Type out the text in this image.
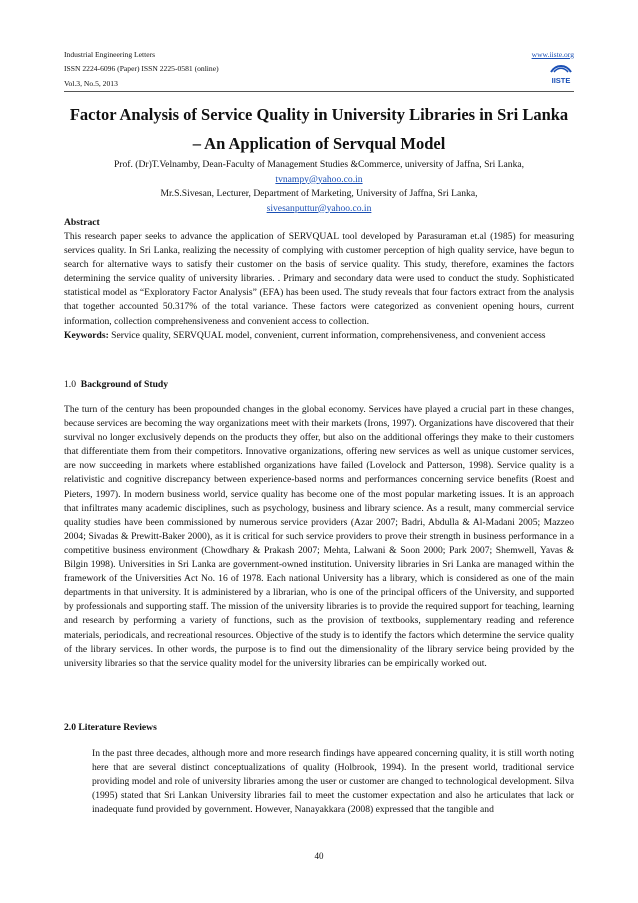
Industrial Engineering Letters
ISSN 2224-6096 (Paper) ISSN 2225-0581 (online)
Vol.3, No.5, 2013
www.iiste.org
IISTE
Factor Analysis of Service Quality in University Libraries in Sri Lanka – An Application of Servqual Model
Prof. (Dr)T.Velnamby, Dean-Faculty of Management Studies &Commerce, university of Jaffna, Sri Lanka,
tvnampy@yahoo.co.in
Mr.S.Sivesan, Lecturer, Department of Marketing, University of Jaffna, Sri Lanka,
sivesanputtur@yahoo.co.in
Abstract

This research paper seeks to advance the application of SERVQUAL tool developed by Parasuraman et.al (1985) for measuring services quality. In Sri Lanka, realizing the necessity of complying with customer perception of high quality service, have begun to search for alternative ways to satisfy their customer on the basis of service quality. This study, therefore, examines the factors determining the service quality of university libraries. . Primary and secondary data were used to conduct the study. Sophisticated statistical model as “Exploratory Factor Analysis” (EFA) has been used. The study reveals that four factors extract from the analysis that together accounted 50.317% of the total variance. These factors were categorized as convenient opening hours, current information, collection comprehensiveness and convenient access to collection.

Keywords: Service quality, SERVQUAL model, convenient, current information, comprehensiveness, and convenient access

1.0 Background of Study

The turn of the century has been propounded changes in the global economy. Services have played a crucial part in these changes, because services are becoming the way organizations meet with their markets (Irons, 1997). Organizations have discovered that their survival no longer exclusively depends on the products they offer, but also on the additional offerings they make to their customers that differentiate them from their competitors. Innovative organizations, offering new services as well as unique customer services, are now succeeding in markets where established organizations have failed (Lovelock and Patterson, 1998). Service quality is a relativistic and cognitive discrepancy between experience-based norms and performances concerning service benefits (Roest and Pieters, 1997). In modern business world, service quality has become one of the most popular marketing issues. It is an approach that infiltrates many academic disciplines, such as psychology, business and library science. As a result, many commercial service quality studies have been commissioned by numerous service providers (Azar 2007; Badri, Abdulla & Al-Madani 2005; Mazzeo 2004; Sivadas & Prewitt-Baker 2000), as it is critical for such service providers to prove their strength in business performance in a competitive business environment (Chowdhary & Prakash 2007; Mehta, Lalwani & Soon 2000; Park 2007; Shemwell, Yavas & Bilgin 1998). Universities in Sri Lanka are government-owned institution. University libraries in Sri Lanka are managed within the framework of the Universities Act No. 16 of 1978. Each national University has a library, which is considered as one of the main departments in that university. It is administered by a librarian, who is one of the principal officers of the University, and supported by professionals and supporting staff. The mission of the university libraries is to provide the required support for teaching, learning and research by performing a variety of functions, such as the provision of textbooks, supplementary reading and reference materials, periodicals, and recreational resources. Objective of the study is to identify the factors which determine the service quality of the library services. In other words, the purpose is to find out the dimensionality of the library service being provided by the university libraries so that the service quality model for the university libraries can be empirically worked out.

2.0 Literature Reviews

In the past three decades, although more and more research findings have appeared concerning quality, it is still worth noting here that are several distinct conceptualizations of quality (Holbrook, 1994). In the present world, traditional service providing model and role of university libraries among the user or customer are changed to technological development. Silva (1995) stated that Sri Lankan University libraries fail to meet the customer expectation and also he articulates that lack or inadequate fund provided by government. However, Nanayakkara (2008) expressed that the tangible and

40
